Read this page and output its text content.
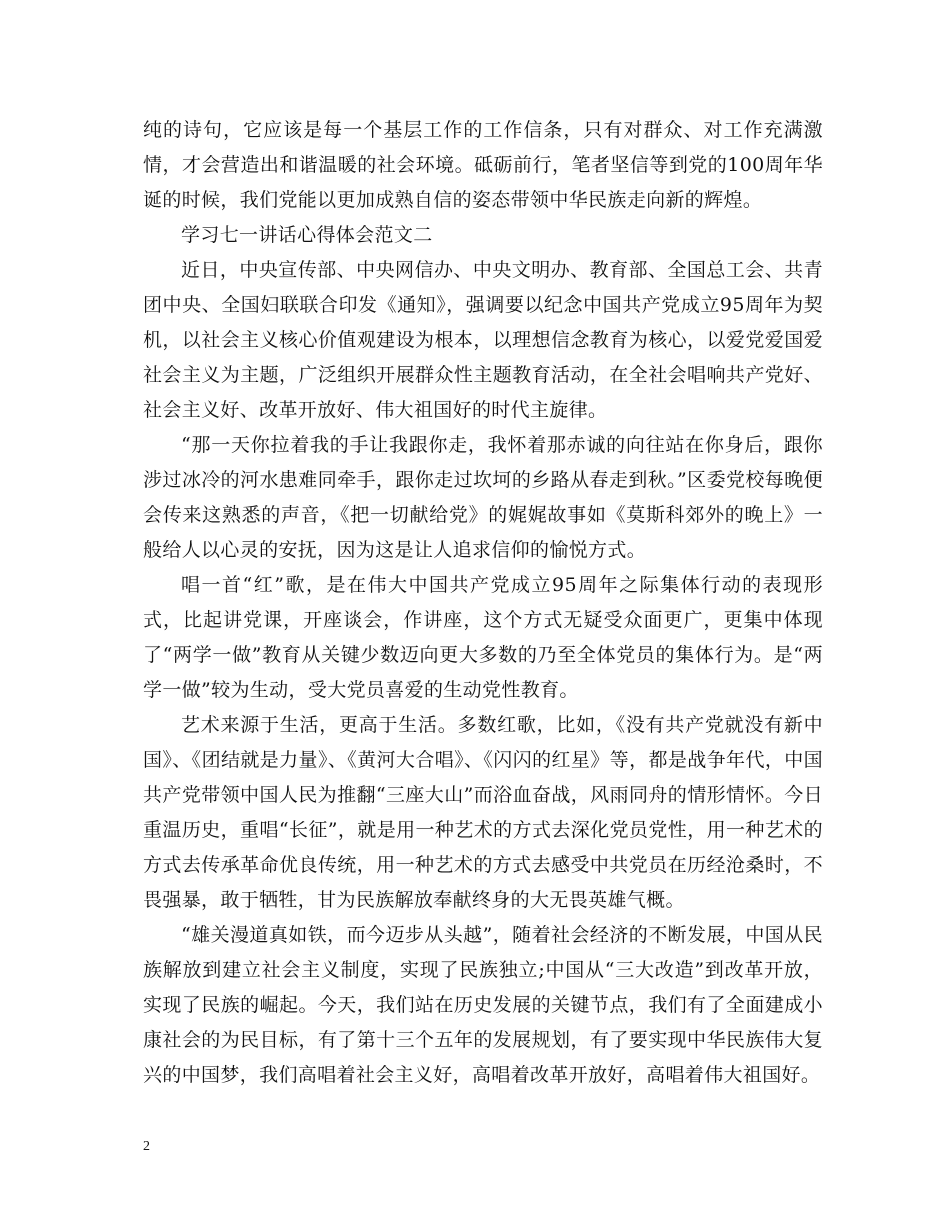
纯的诗句，它应该是每一个基层工作的工作信条，只有对群众、对工作充满激情，才会营造出和谐温暖的社会环境。砥砺前行，笔者坚信等到党的100周年华诞的时候，我们党能以更加成熟自信的姿态带领中华民族走向新的辉煌。

学习七一讲话心得体会范文二

近日，中央宣传部、中央网信办、中央文明办、教育部、全国总工会、共青团中央、全国妇联联合印发《通知》，强调要以纪念中国共产党成立95周年为契机，以社会主义核心价值观建设为根本，以理想信念教育为核心，以爱党爱国爱社会主义为主题，广泛组织开展群众性主题教育活动，在全社会唱响共产党好、社会主义好、改革开放好、伟大祖国好的时代主旋律。

“那一天你拉着我的手让我跟你走，我怀着那赤诚的向往站在你身后，跟你涉过冰冷的河水患难同牵手，跟你走过坎坷的乡路从春走到秋。”区委党校每晚便会传来这熟悉的声音，《把一切献给党》的娓娓故事如《莫斯科郊外的晚上》一般给人以心灵的安抚，因为这是让人追求信仰的愉悦方式。

唱一首“红”歌，是在伟大中国共产党成立95周年之际集体行动的表现形式，比起讲党课，开座谈会，作讲座，这个方式无疑受众面更广，更集中体现了“两学一做”教育从关键少数迈向更大多数的乃至全体党员的集体行为。是“两学一做”较为生动，受大党员喜爱的生动党性教育。

艺术来源于生活，更高于生活。多数红歌，比如，《没有共产党就没有新中国》、《团结就是力量》、《黄河大合唱》、《闪闪的红星》等，都是战争年代，中国共产党带领中国人民为推翻“三座大山”而浴血奋战，风雨同舟的情形情怀。今日重温历史，重唱“长征”，就是用一种艺术的方式去深化党员党性，用一种艺术的方式去传承革命优良传统，用一种艺术的方式去感受中共党员在历经沧桑时，不畏强暴，敢于牺牲，甘为民族解放奉献终身的大无畏英雄气概。

“雄关漫道真如铁，而今迈步从头越”，随着社会经济的不断发展，中国从民族解放到建立社会主义制度，实现了民族独立;中国从“三大改造”到改革开放，实现了民族的崛起。今天，我们站在历史发展的关键节点，我们有了全面建成小康社会的为民目标，有了第十三个五年的发展规划，有了要实现中华民族伟大复兴的中国梦，我们高唱着社会主义好，高唱着改革开放好，高唱着伟大祖国好。

2
